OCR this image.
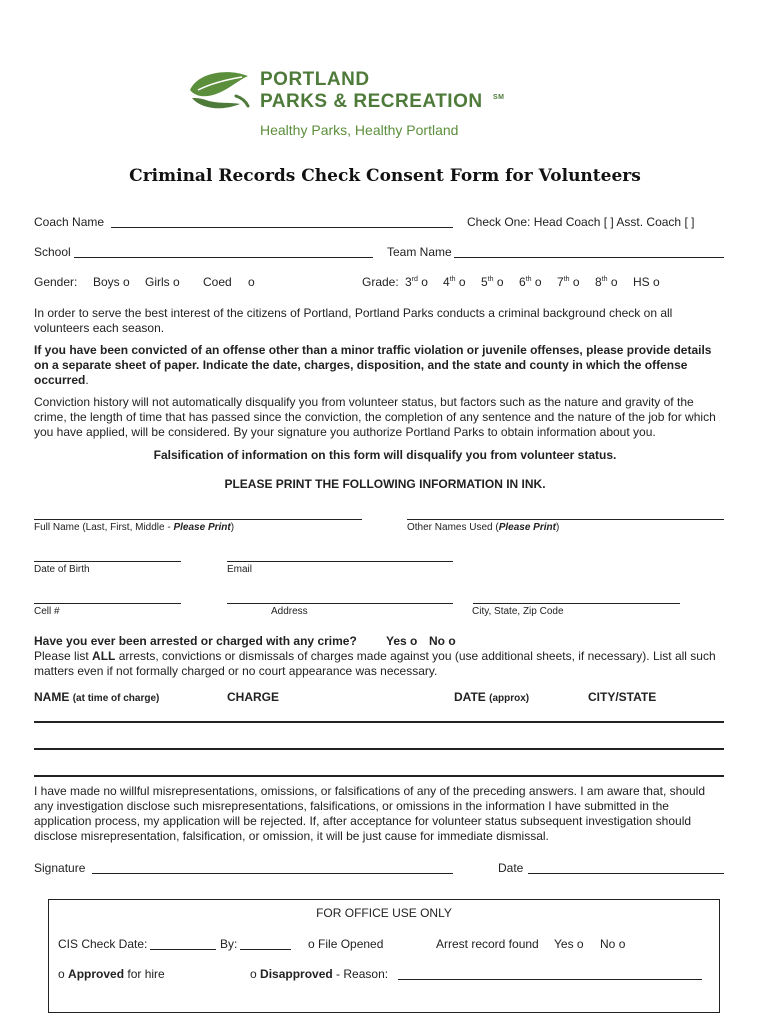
PORTLAND
PARKS & RECREATION SM
Healthy Parks, Healthy Portland
Criminal Records Check Consent Form for Volunteers
Coach Name	Check One: Head Coach [ ] Asst. Coach [ ]
School	Team Name
Gender: Boys o Girls o Coed o	Grade: 3rd o 4th o 5th o 6th o 7th o 8th o HS o
In order to serve the best interest of the citizens of Portland, Portland Parks conducts a criminal background check on all volunteers each season.
If you have been convicted of an offense other than a minor traffic violation or juvenile offenses, please provide details on a separate sheet of paper. Indicate the date, charges, disposition, and the state and county in which the offense occurred.
Conviction history will not automatically disqualify you from volunteer status, but factors such as the nature and gravity of the crime, the length of time that has passed since the conviction, the completion of any sentence and the nature of the job for which you have applied, will be considered. By your signature you authorize Portland Parks to obtain information about you.
Falsification of information on this form will disqualify you from volunteer status.
PLEASE PRINT THE FOLLOWING INFORMATION IN INK.
Full Name (Last, First, Middle - Please Print)	Other Names Used (Please Print)
Date of Birth	Email
Cell #	Address	City, State, Zip Code
Have you ever been arrested or charged with any crime? Yes o No o
Please list ALL arrests, convictions or dismissals of charges made against you (use additional sheets, if necessary). List all such matters even if not formally charged or no court appearance was necessary.
NAME (at time of charge)	CHARGE	DATE (approx)	CITY/STATE
I have made no willful misrepresentations, omissions, or falsifications of any of the preceding answers. I am aware that, should any investigation disclose such misrepresentations, falsifications, or omissions in the information I have submitted in the application process, my application will be rejected. If, after acceptance for volunteer status subsequent investigation should disclose misrepresentation, falsification, or omission, it will be just cause for immediate dismissal.
Signature	Date
FOR OFFICE USE ONLY
CIS Check Date:	By:	o File Opened	Arrest record found Yes o No o
o Approved for hire	o Disapproved - Reason:
